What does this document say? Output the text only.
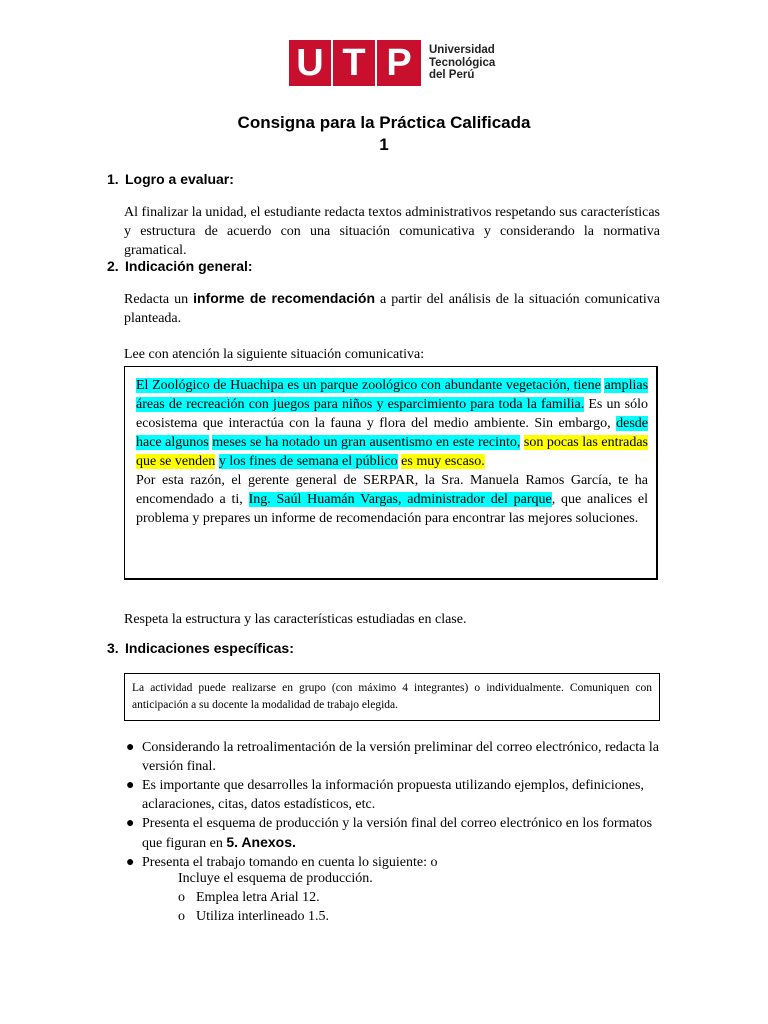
U T P	Universidad
Tecnológica
del Perú
Consigna para la Práctica Calificada
1
1. Logro a evaluar:
Al finalizar la unidad, el estudiante redacta textos administrativos respetando sus características y estructura de acuerdo con una situación comunicativa y considerando la normativa gramatical.
2. Indicación general:
Redacta un informe de recomendación a partir del análisis de la situación comunicativa planteada.
Lee con atención la siguiente situación comunicativa:
El Zoológico de Huachipa es un parque zoológico con abundante vegetación, tiene amplias áreas de recreación con juegos para niños y esparcimiento para toda la familia. Es un sólo ecosistema que interactúa con la fauna y flora del medio ambiente. Sin embargo, desde hace algunos meses se ha notado un gran ausentismo en este recinto, son pocas las entradas que se venden y los fines de semana el público es muy escaso.
Por esta razón, el gerente general de SERPAR, la Sra. Manuela Ramos García, te ha encomendado a ti, Ing. Saúl Huamán Vargas, administrador del parque, que analices el problema y prepares un informe de recomendación para encontrar las mejores soluciones.
Respeta la estructura y las características estudiadas en clase.
3. Indicaciones específicas:
La actividad puede realizarse en grupo (con máximo 4 integrantes) o individualmente. Comuniquen con anticipación a su docente la modalidad de trabajo elegida.
● Considerando la retroalimentación de la versión preliminar del correo electrónico, redacta la versión final.
● Es importante que desarrolles la información propuesta utilizando ejemplos, definiciones, aclaraciones, citas, datos estadísticos, etc.
● Presenta el esquema de producción y la versión final del correo electrónico en los formatos que figuran en 5. Anexos.
● Presenta el trabajo tomando en cuenta lo siguiente: o
Incluye el esquema de producción.
o Emplea letra Arial 12.
o Utiliza interlineado 1.5.
